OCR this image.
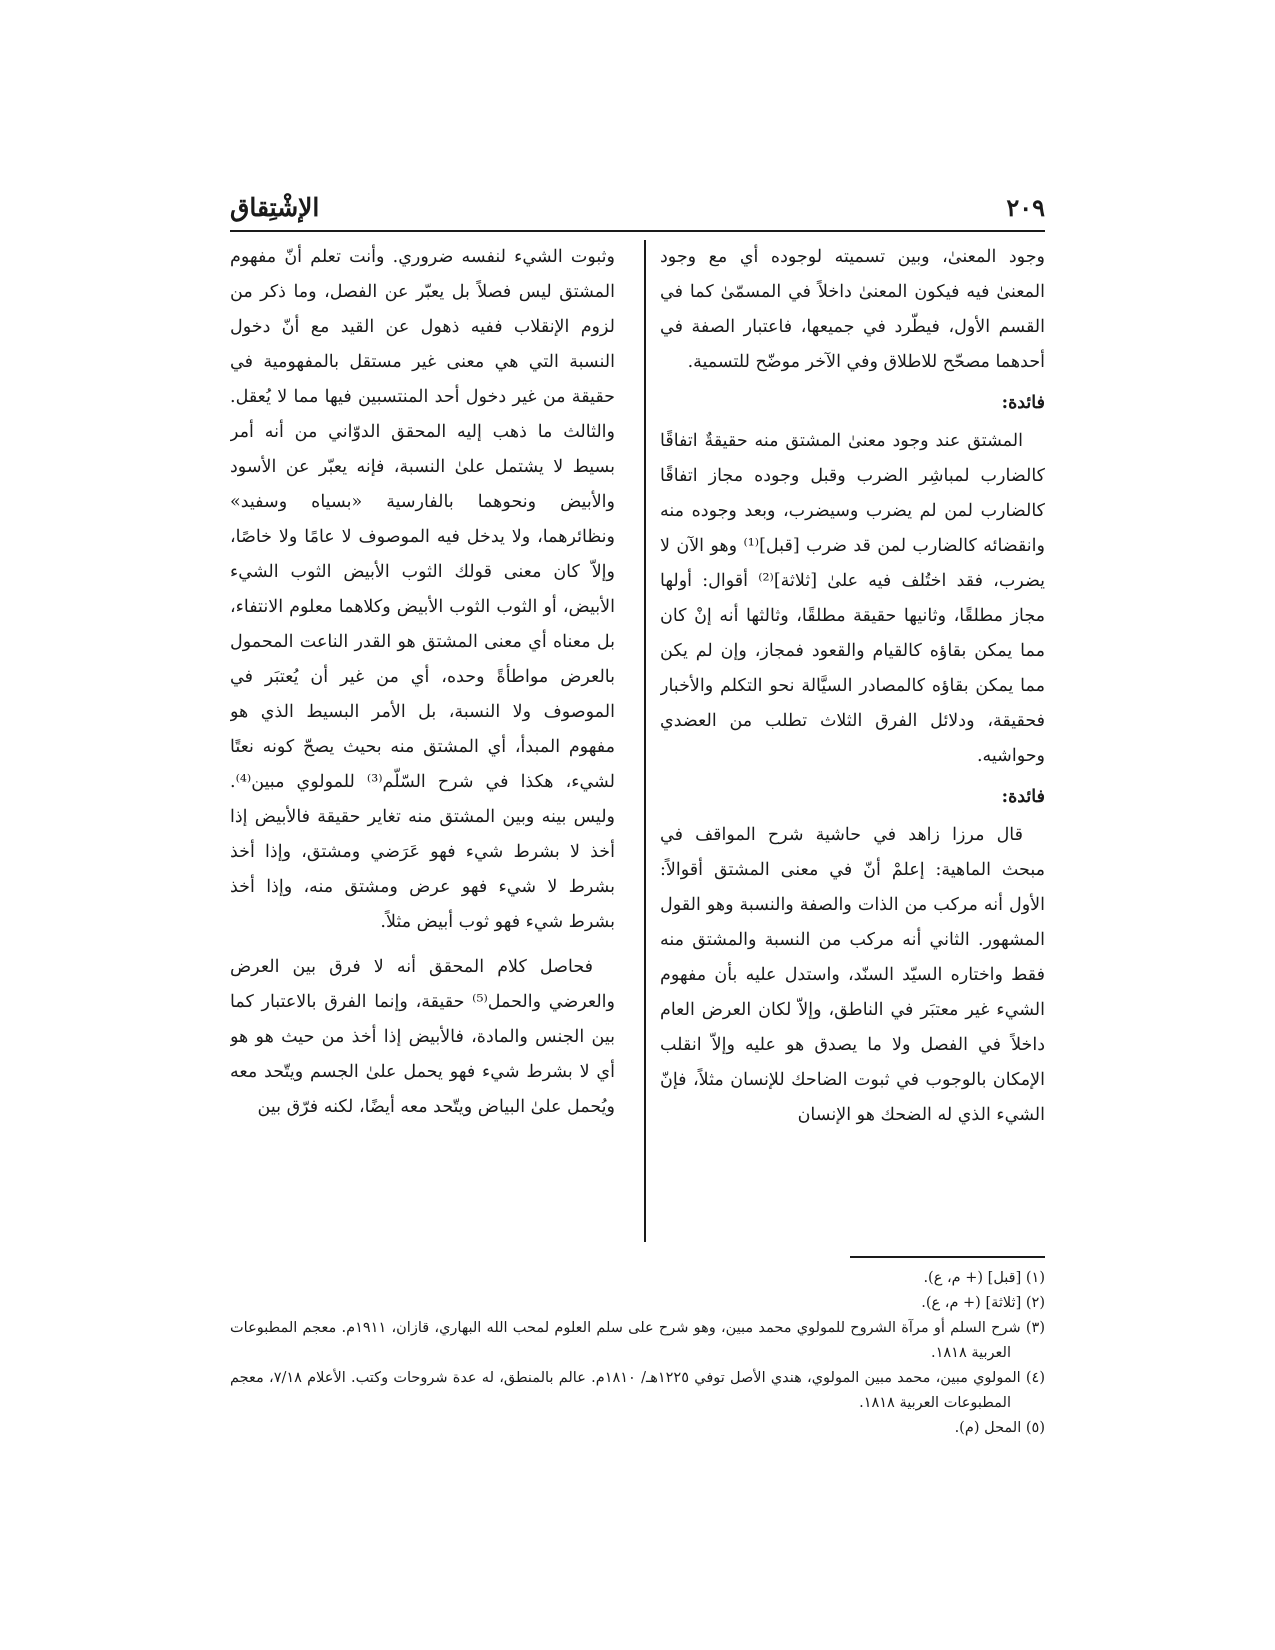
٢٠٩
الإشْتِقاق

وجود المعنىٰ، وبين تسميته لوجوده أي مع وجود المعنىٰ فيه فيكون المعنىٰ داخلاً في المسمّىٰ كما في القسم الأول، فيطّرد في جميعها، فاعتبار الصفة في أحدهما مصحّح للاطلاق وفي الآخر موضّح للتسمية.

فائدة:

المشتق عند وجود معنىٰ المشتق منه حقيقةٌ اتفاقًا كالضارب لمباشِر الضرب وقبل وجوده مجاز اتفاقًا كالضارب لمن لم يضرب وسيضرب، وبعد وجوده منه وانقضائه كالضارب لمن قد ضرب [قبل]⁽¹⁾ وهو الآن لا يضرب، فقد اختُلف فيه علىٰ [ثلاثة]⁽²⁾ أقوال: أولها مجاز مطلقًا، وثانيها حقيقة مطلقًا، وثالثها أنه إنْ كان مما يمكن بقاؤه كالقيام والقعود فمجاز، وإن لم يكن مما يمكن بقاؤه كالمصادر السيَّالة نحو التكلم والأخبار فحقيقة، ودلائل الفرق الثلاث تطلب من العضدي وحواشيه.

فائدة:

قال مرزا زاهد في حاشية شرح المواقف في مبحث الماهية: إعلمْ أنّ في معنى المشتق أقوالاً: الأول أنه مركب من الذات والصفة والنسبة وهو القول المشهور. الثاني أنه مركب من النسبة والمشتق منه فقط واختاره السيّد السنّد، واستدل عليه بأن مفهوم الشيء غير معتبَر في الناطق، وإلاّ لكان العرض العام داخلاً في الفصل ولا ما يصدق هو عليه وإلاّ انقلب الإمكان بالوجوب في ثبوت الضاحك للإنسان مثلاً، فإنّ الشيء الذي له الضحك هو الإنسان

وثبوت الشيء لنفسه ضروري. وأنت تعلم أنّ مفهوم المشتق ليس فصلاً بل يعبّر عن الفصل، وما ذكر من لزوم الإنقلاب ففيه ذهول عن القيد مع أنّ دخول النسبة التي هي معنى غير مستقل بالمفهومية في حقيقة من غير دخول أحد المنتسبين فيها مما لا يُعقل. والثالث ما ذهب إليه المحقق الدوّاني من أنه أمر بسيط لا يشتمل علىٰ النسبة، فإنه يعبّر عن الأسود والأبيض ونحوهما بالفارسية «بسياه وسفيد» ونظائرهما، ولا يدخل فيه الموصوف لا عامًا ولا خاصًا، وإلاّ كان معنى قولك الثوب الأبيض الثوب الشيء الأبيض، أو الثوب الثوب الأبيض وكلاهما معلوم الانتفاء، بل معناه أي معنى المشتق هو القدر الناعت المحمول بالعرض مواطأةً وحده، أي من غير أن يُعتبَر في الموصوف ولا النسبة، بل الأمر البسيط الذي هو مفهوم المبدأ، أي المشتق منه بحيث يصحّ كونه نعتًا لشيء، هكذا في شرح السّلّم⁽³⁾ للمولوي مبين⁽⁴⁾. وليس بينه وبين المشتق منه تغاير حقيقة فالأبيض إذا أخذ لا بشرط شيء فهو عَرَضي ومشتق، وإذا أخذ بشرط لا شيء فهو عرض ومشتق منه، وإذا أخذ بشرط شيء فهو ثوب أبيض مثلاً.

فحاصل كلام المحقق أنه لا فرق بين العرض والعرضي والحمل⁽⁵⁾ حقيقة، وإنما الفرق بالاعتبار كما بين الجنس والمادة، فالأبيض إذا أخذ من حيث هو هو أي لا بشرط شيء فهو يحمل علىٰ الجسم ويتّحد معه ويُحمل علىٰ البياض ويتّحد معه أيضًا، لكنه فرّق بين

(١) [قبل] (+ م، ع).

(٢) [ثلاثة] (+ م، ع).

(٣) شرح السلم أو مرآة الشروح للمولوي محمد مبين، وهو شرح على سلم العلوم لمحب الله البهاري، قازان، ١٩١١م. معجم المطبوعات العربية ١٨١٨.

(٤) المولوي مبين، محمد مبين المولوي، هندي الأصل توفي ١٢٢٥هـ/ ١٨١٠م. عالم بالمنطق، له عدة شروحات وكتب. الأعلام ٧/١٨، معجم المطبوعات العربية ١٨١٨.

(٥) المحل (م).
